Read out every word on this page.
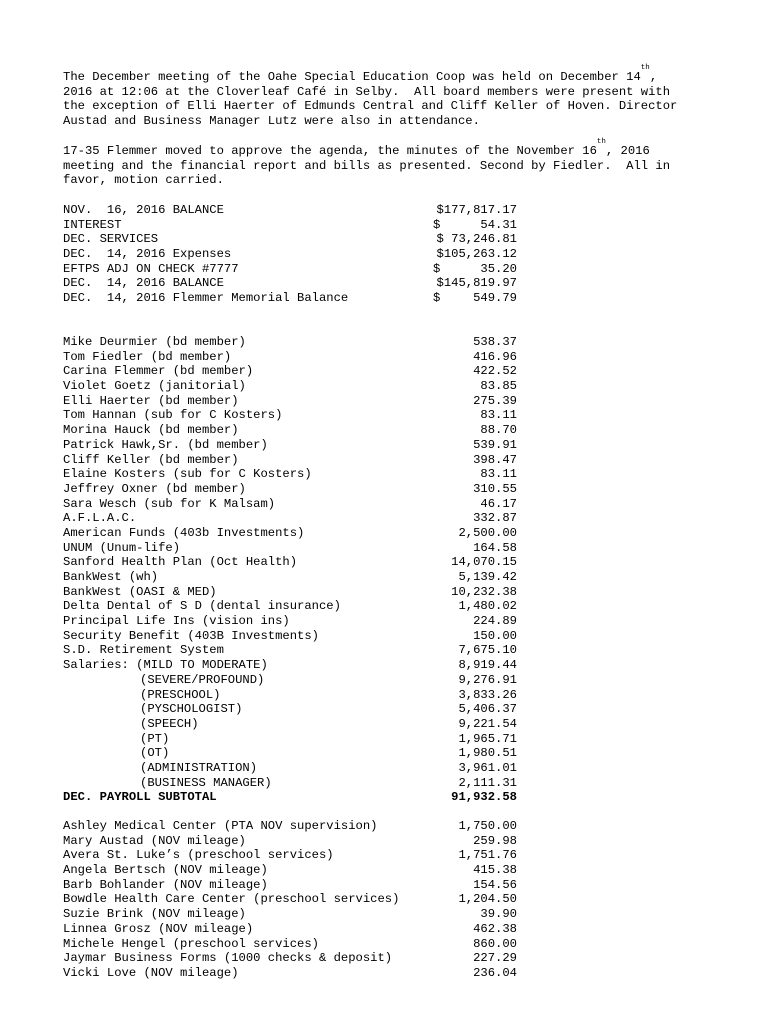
The December meeting of the Oahe Special Education Coop was held on December 14th,
2016 at 12:06 at the Cloverleaf Café in Selby.  All board members were present with
the exception of Elli Haerter of Edmunds Central and Cliff Keller of Hoven. Director
Austad and Business Manager Lutz were also in attendance.
17-35 Flemmer moved to approve the agenda, the minutes of the November 16th, 2016
meeting and the financial report and bills as presented. Second by Fiedler.  All in
favor, motion carried.
NOV.  16, 2016 BALANCE	$177,817.17
INTEREST	$	54.31
DEC. SERVICES	$ 73,246.81
DEC.  14, 2016 Expenses	$105,263.12
EFTPS ADJ ON CHECK #7777	$	35.20
DEC.  14, 2016 BALANCE	$145,819.97
DEC.  14, 2016 Flemmer Memorial Balance	$	549.79
Mike Deurmier (bd member)	538.37
Tom Fiedler (bd member)	416.96
Carina Flemmer (bd member)	422.52
Violet Goetz (janitorial)	83.85
Elli Haerter (bd member)	275.39
Tom Hannan (sub for C Kosters)	83.11
Morina Hauck (bd member)	88.70
Patrick Hawk,Sr. (bd member)	539.91
Cliff Keller (bd member)	398.47
Elaine Kosters (sub for C Kosters)	83.11
Jeffrey Oxner (bd member)	310.55
Sara Wesch (sub for K Malsam)	46.17
A.F.L.A.C.	332.87
American Funds (403b Investments)	2,500.00
UNUM (Unum-life)	164.58
Sanford Health Plan (Oct Health)	14,070.15
BankWest (wh)	5,139.42
BankWest (OASI & MED)	10,232.38
Delta Dental of S D (dental insurance)	1,480.02
Principal Life Ins (vision ins)	224.89
Security Benefit (403B Investments)	150.00
S.D. Retirement System	7,675.10
Salaries: (MILD TO MODERATE)	8,919.44
(SEVERE/PROFOUND)	9,276.91
(PRESCHOOL)	3,833.26
(PYSCHOLOGIST)	5,406.37
(SPEECH)	9,221.54
(PT)	1,965.71
(OT)	1,980.51
(ADMINISTRATION)	3,961.01
(BUSINESS MANAGER)	2,111.31
DEC. PAYROLL SUBTOTAL	91,932.58
Ashley Medical Center (PTA NOV supervision)	1,750.00
Mary Austad (NOV mileage)	259.98
Avera St. Luke’s (preschool services)	1,751.76
Angela Bertsch (NOV mileage)	415.38
Barb Bohlander (NOV mileage)	154.56
Bowdle Health Care Center (preschool services)	1,204.50
Suzie Brink (NOV mileage)	39.90
Linnea Grosz (NOV mileage)	462.38
Michele Hengel (preschool services)	860.00
Jaymar Business Forms (1000 checks & deposit)	227.29
Vicki Love (NOV mileage)	236.04
